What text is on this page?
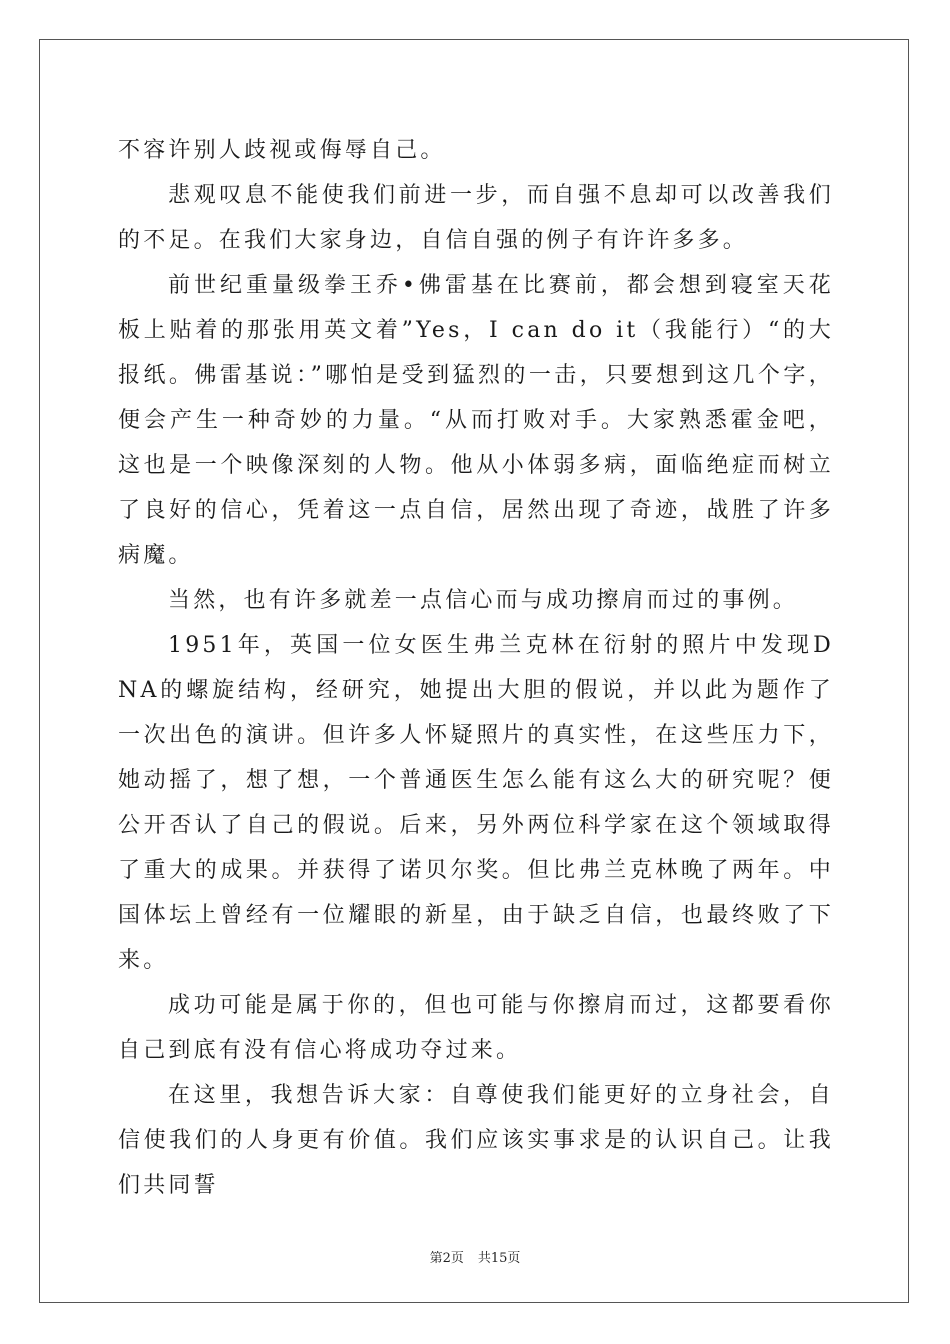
不容许别人歧视或侮辱自己。

悲观叹息不能使我们前进一步，而自强不息却可以改善我们的不足。在我们大家身边，自信自强的例子有许许多多。

前世纪重量级拳王乔•佛雷基在比赛前，都会想到寝室天花板上贴着的那张用英文着”Yes，I can do it（我能行）“的大报纸。佛雷基说：”哪怕是受到猛烈的一击，只要想到这几个字，便会产生一种奇妙的力量。“从而打败对手。大家熟悉霍金吧，这也是一个映像深刻的人物。他从小体弱多病，面临绝症而树立了良好的信心，凭着这一点自信，居然出现了奇迹，战胜了许多病魔。

当然，也有许多就差一点信心而与成功擦肩而过的事例。

1951年，英国一位女医生弗兰克林在衍射的照片中发现DNA的螺旋结构，经研究，她提出大胆的假说，并以此为题作了一次出色的演讲。但许多人怀疑照片的真实性，在这些压力下，她动摇了，想了想，一个普通医生怎么能有这么大的研究呢？便公开否认了自己的假说。后来，另外两位科学家在这个领域取得了重大的成果。并获得了诺贝尔奖。但比弗兰克林晚了两年。中国体坛上曾经有一位耀眼的新星，由于缺乏自信，也最终败了下来。

成功可能是属于你的，但也可能与你擦肩而过，这都要看你自己到底有没有信心将成功夺过来。

在这里，我想告诉大家：自尊使我们能更好的立身社会，自信使我们的人身更有价值。我们应该实事求是的认识自己。让我们共同誓

第2页 共15页
